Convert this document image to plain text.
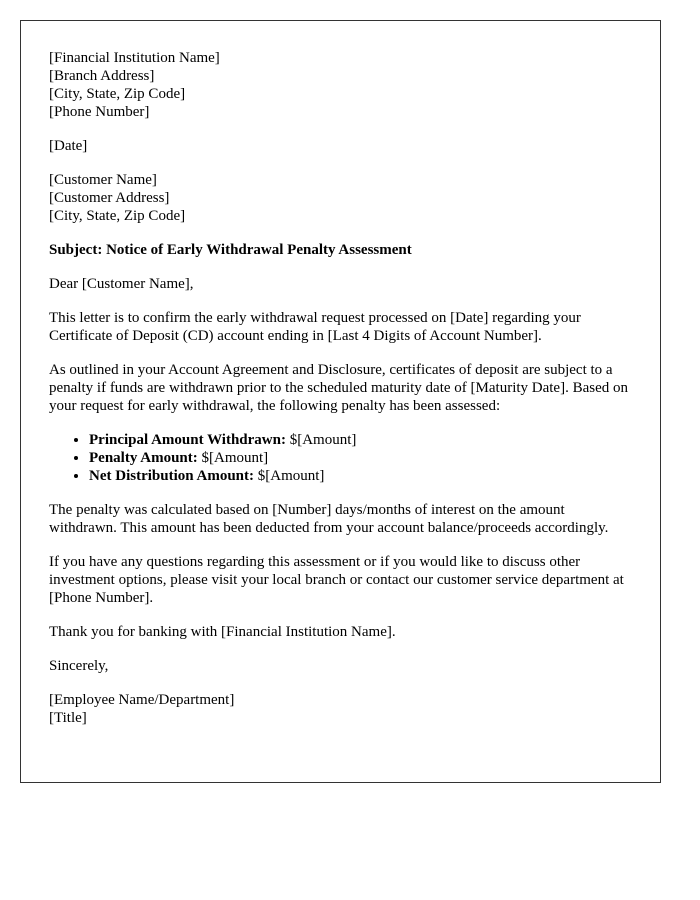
[Financial Institution Name]
[Branch Address]
[City, State, Zip Code]
[Phone Number]

[Date]

[Customer Name]
[Customer Address]
[City, State, Zip Code]

Subject: Notice of Early Withdrawal Penalty Assessment

Dear [Customer Name],

This letter is to confirm the early withdrawal request processed on [Date] regarding your Certificate of Deposit (CD) account ending in [Last 4 Digits of Account Number].

As outlined in your Account Agreement and Disclosure, certificates of deposit are subject to a penalty if funds are withdrawn prior to the scheduled maturity date of [Maturity Date]. Based on your request for early withdrawal, the following penalty has been assessed:

• Principal Amount Withdrawn: $[Amount]
• Penalty Amount: $[Amount]
• Net Distribution Amount: $[Amount]

The penalty was calculated based on [Number] days/months of interest on the amount withdrawn. This amount has been deducted from your account balance/proceeds accordingly.

If you have any questions regarding this assessment or if you would like to discuss other investment options, please visit your local branch or contact our customer service department at [Phone Number].

Thank you for banking with [Financial Institution Name].

Sincerely,

[Employee Name/Department]
[Title]
